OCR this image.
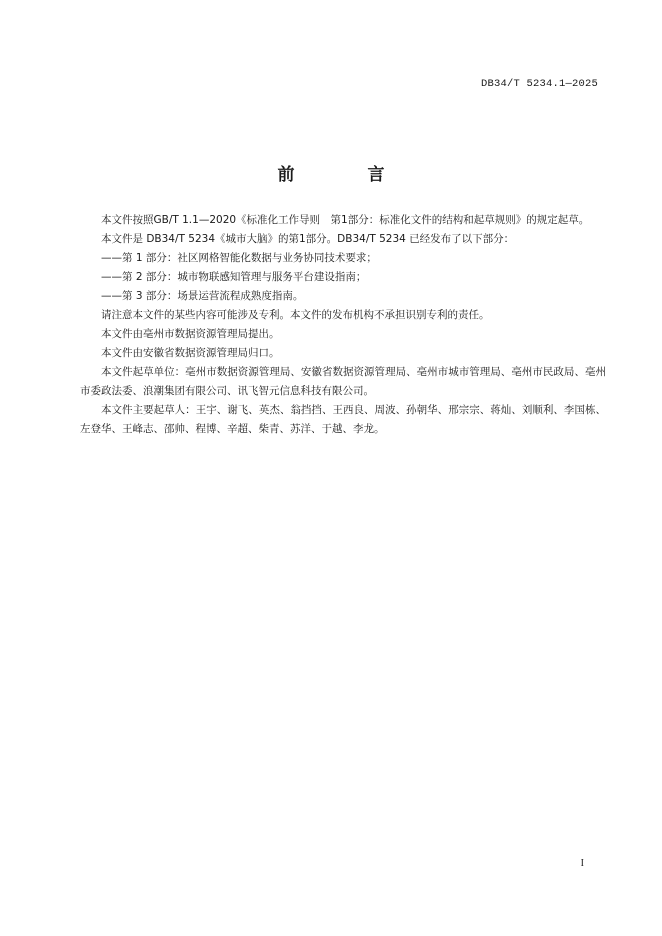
DB34/T 5234.1—2025
前　言

本文件按照GB/T 1.1—2020《标准化工作导则　第1部分：标准化文件的结构和起草规则》的规定起草。

本文件是 DB34/T 5234《城市大脑》的第1部分。DB34/T 5234 已经发布了以下部分：

——第 1 部分：社区网格智能化数据与业务协同技术要求；

——第 2 部分：城市物联感知管理与服务平台建设指南；

——第 3 部分：场景运营流程成熟度指南。

请注意本文件的某些内容可能涉及专利。本文件的发布机构不承担识别专利的责任。

本文件由亳州市数据资源管理局提出。

本文件由安徽省数据资源管理局归口。

本文件起草单位：亳州市数据资源管理局、安徽省数据资源管理局、亳州市城市管理局、亳州市民政局、亳州市委政法委、浪潮集团有限公司、讯飞智元信息科技有限公司。

本文件主要起草人：王宇、谢飞、英杰、翁挡挡、王西良、周波、孙朝华、邢宗宗、蒋灿、刘顺利、李国栋、左登华、王峰志、邵帅、程博、辛超、柴青、苏洋、于越、李龙。

I
